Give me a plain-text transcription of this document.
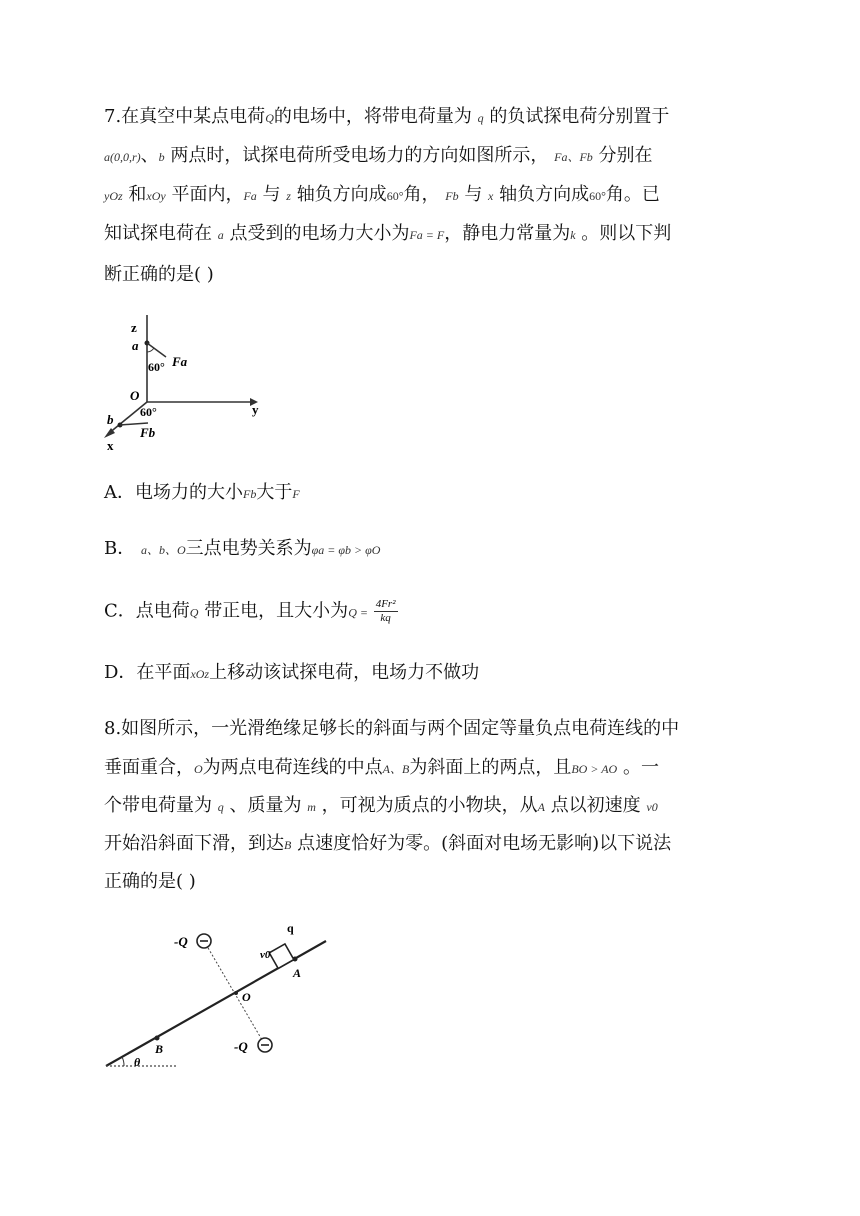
7.在真空中某点电荷Q的电场中，将带电荷量为 q 的负试探电荷分别置于
a(0,0,r)、b 两点时，试探电荷所受电场力的方向如图所示， Fa、Fb 分别在
yOz 和xOy 平面内，Fa 与 z 轴负方向成60°角， Fb 与 x 轴负方向成60°角。已
知试探电荷在 a 点受到的电场力大小为Fa = F，静电力常量为k 。则以下判
断正确的是( )
z
a
60° Fa
O
y
b 60°
Fb
x
A．电场力的大小Fb大于F
B． a、b、O三点电势关系为φa = φb > φO
C．点电荷Q 带正电，且大小为$Q = \frac{\text{4Fr²}}{kq}$
D．在平面xOz上移动该试探电荷，电场力不做功
8.如图所示，一光滑绝缘足够长的斜面与两个固定等量负点电荷连线的中
垂面重合，O为两点电荷连线的中点A、B为斜面上的两点，且BO > AO 。一
个带电荷量为 q 、质量为 m ，可视为质点的小物块，从A 点以初速度 v0
开始沿斜面下滑，到达B 点速度恰好为零。(斜面对电场无影响)以下说法
正确的是( )
-Q
-Q
q
v0
A
O
B
θ
